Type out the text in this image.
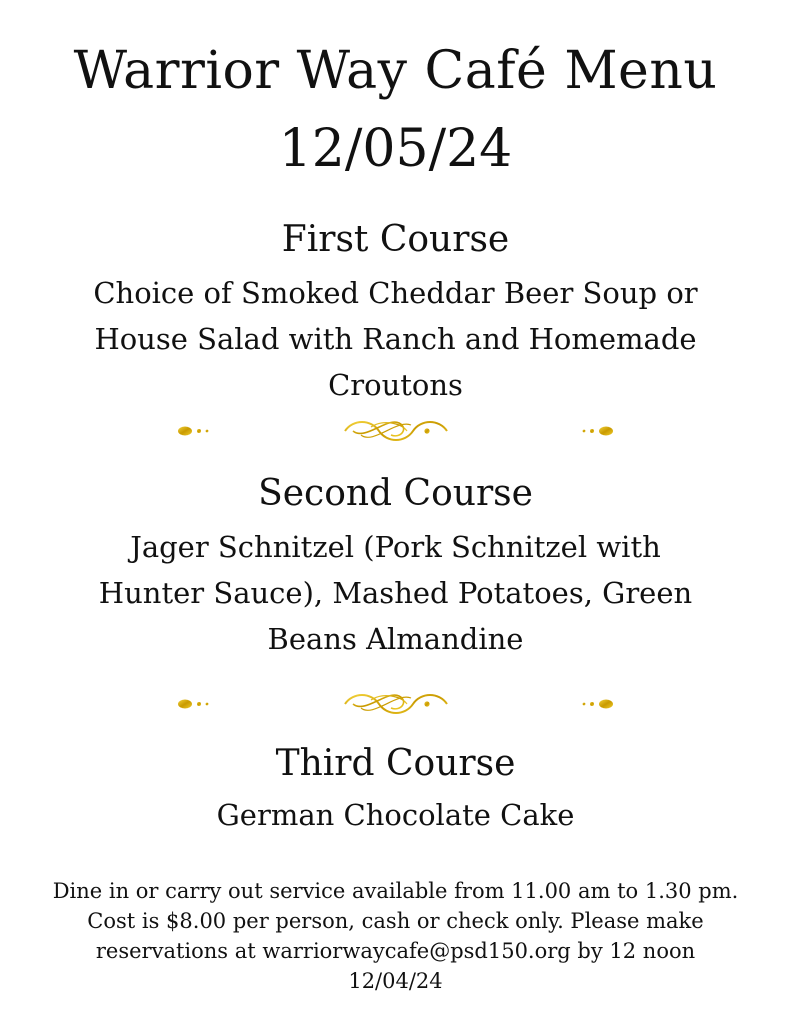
Warrior Way Café Menu
12/05/24
First Course

Choice of Smoked Cheddar Beer Soup or
House Salad with Ranch and Homemade
Croutons

Second Course

Jager Schnitzel (Pork Schnitzel with
Hunter Sauce), Mashed Potatoes, Green
Beans Almandine

Third Course

German Chocolate Cake

Dine in or carry out service available from 11.00 am to 1.30 pm.
Cost is $8.00 per person, cash or check only. Please make
reservations at warriorwaycafe@psd150.org by 12 noon
12/04/24
